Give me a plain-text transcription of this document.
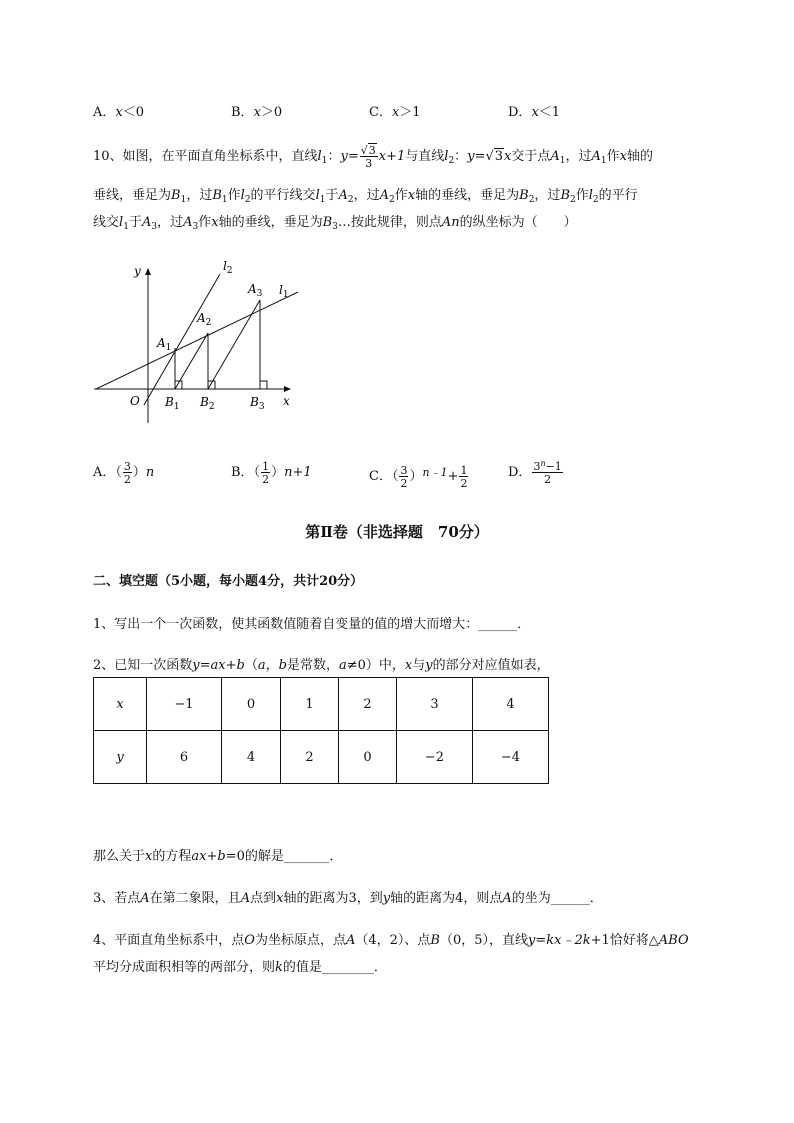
A．x＜0	B．x＞0	C．x＞1	D．x＜1
10、如图，在平面直角坐标系中，直线$l_1$：$y= \frac{√3}{3} x+1$与直线$l_2$：y=√3x交于点$A_1$，过$A_1$作x轴的
垂线，垂足为$B_1$，过$B_1$作$l_2$的平行线交$l_1$于$A_2$，过$A_2$作x轴的垂线，垂足为$B_2$，过$B_2$作$l_2$的平行
线交$l_1$于$A_3$，过$A_3$作x轴的垂线，垂足为$B_3\dots$按此规律，则点An的纵坐标为（　　）
y
x
O
$l_2$
$l_1$
$A_1$
$A_2$
$A_3$
$B_1$ $B_2$	$B_3$
A．（ $\frac{3}{2} )n$	B．（ $\frac{1}{2} )n+1$	C．（ $\frac{3}{2} )^{n﹣1}+ \frac{1}{2}$	D． $\frac{3^n-1}{2}$
第Ⅱ卷（非选择题　70分）
二、填空题（5小题，每小题4分，共计20分）
1、写出一个一次函数，使其函数值随着自变量的值的增大而增大：______．
2、已知一次函数y=ax+b（a，b是常数，a≠0）中，x与y的部分对应值如表，
x	−1	0	1	2	3	4
y	6	4	2	0	−2	−4
那么关于x的方程ax+b=0的解是_______．
3、若点A在第二象限，且A点到x轴的距离为3，到y轴的距离为4，则点A的坐为______．
4、平面直角坐标系中，点O为坐标原点，点A（4，2）、点B（0，5），直线y=kx﹣2k+1恰好将△ABO
平均分成面积相等的两部分，则k的值是________．
